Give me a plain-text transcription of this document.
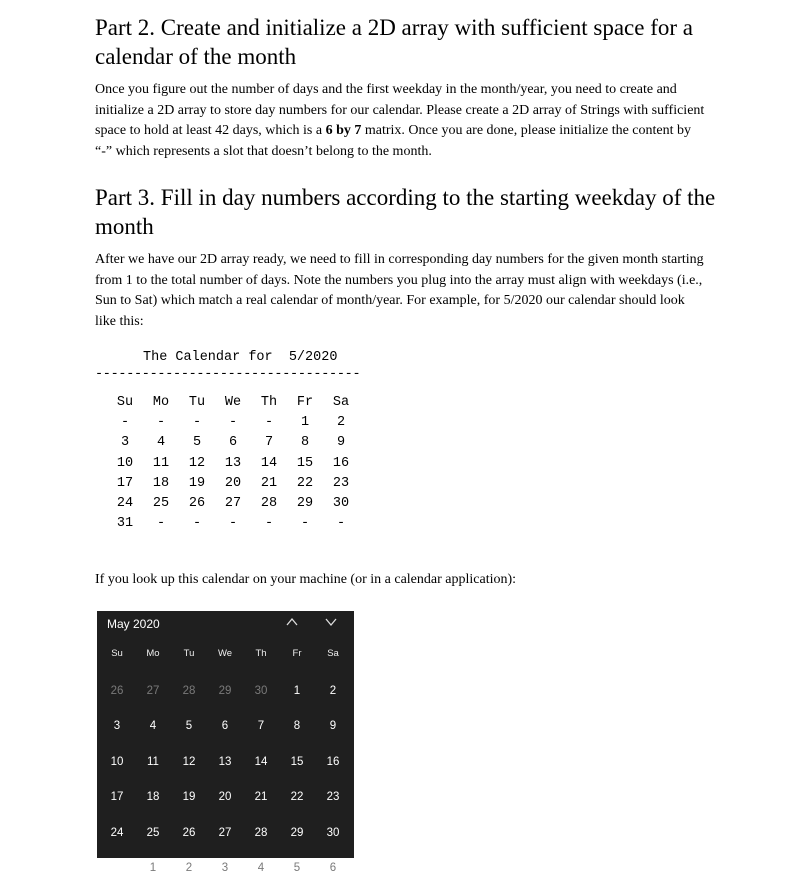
Part 2. Create and initialize a 2D array with sufficient space for a calendar of the month

Once you figure out the number of days and the first weekday in the month/year, you need to create and initialize a 2D array to store day numbers for our calendar. Please create a 2D array of Strings with sufficient space to hold at least 42 days, which is a 6 by 7 matrix. Once you are done, please initialize the content by “-” which represents a slot that doesn’t belong to the month.

Part 3. Fill in day numbers according to the starting weekday of the month

After we have our 2D array ready, we need to fill in corresponding day numbers for the given month starting from 1 to the total number of days. Note the numbers you plug into the array must align with weekdays (i.e., Sun to Sat) which match a real calendar of month/year. For example, for 5/2020 our calendar should look like this:

The Calendar for  5/2020
----------------------------------
Su	Mo	Tu	We	Th	Fr	Sa
-	-	-	-	-	1	2
3	4	5	6	7	8	9
10	11	12	13	14	15	16
17	18	19	20	21	22	23
24	25	26	27	28	29	30
31	-	-	-	-	-	-

If you look up this calendar on your machine (or in a calendar application):

May 2020
Su	Mo	Tu	We	Th	Fr	Sa
26	27	28	29	30	1	2
3	4	5	6	7	8	9
10	11	12	13	14	15	16
17	18	19	20	21	22	23
24	25	26	27	28	29	30
31	1	2	3	4	5	6
